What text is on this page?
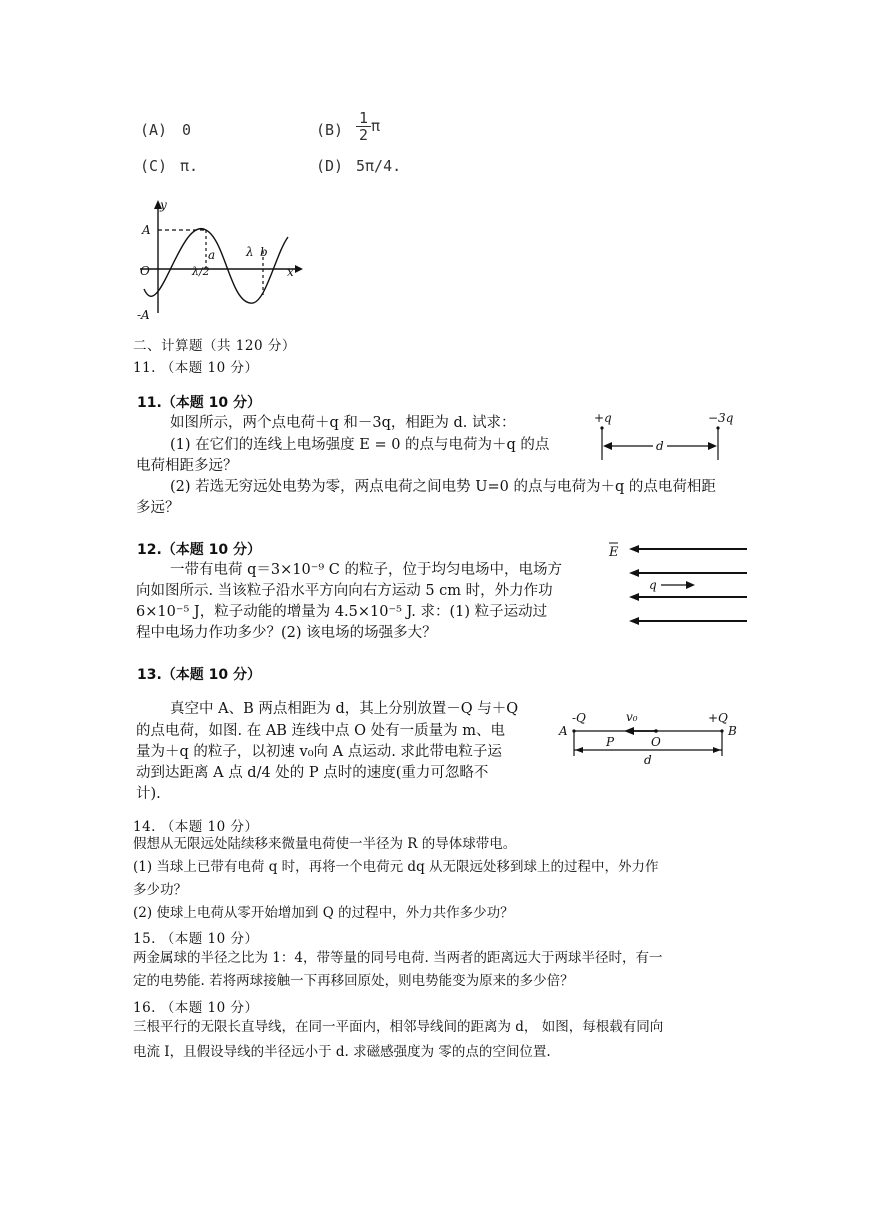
(A) 0	$(B) \frac{1}{2}$ π
(C) π.	(D) 5π/4.
y
A
-A
O	x
a
λ/2
λ b
二、计算题（共 120 分）
11. （本题 10 分）
11.（本题 10 分）
如图所示，两个点电荷＋q 和－3q，相距为 d. 试求：
(1) 在它们的连线上电场强度 E = 0 的点与电荷为＋q 的点
电荷相距多远？
(2) 若选无穷远处电势为零，两点电荷之间电势 U=0 的点与电荷为＋q 的点电荷相距
多远？
+q	−3q
d
12.（本题 10 分）
一带有电荷 q＝3×10⁻⁹ C 的粒子，位于均匀电场中，电场方
向如图所示. 当该粒子沿水平方向向右方运动 5 cm 时，外力作功
6×10⁻⁵ J，粒子动能的增量为 4.5×10⁻⁵ J. 求：(1) 粒子运动过
程中电场力作功多少？(2) 该电场的场强多大？
E
q
13.（本题 10 分）
真空中 A、B 两点相距为 d，其上分别放置－Q 与＋Q
的点电荷，如图. 在 AB 连线中点 O 处有一质量为 m、电
量为＋q 的粒子，以初速 v₀向 A 点运动. 求此带电粒子运
动到达距离 A 点 d/4 处的 P 点时的速度(重力可忽略不
计).
-Q	v₀	+Q
A	B
P	O
d
14. （本题 10 分）
假想从无限远处陆续移来微量电荷使一半径为 R 的导体球带电。
(1) 当球上已带有电荷 q 时，再将一个电荷元 dq 从无限远处移到球上的过程中，外力作
多少功？
(2) 使球上电荷从零开始增加到 Q 的过程中，外力共作多少功？
15. （本题 10 分）
两金属球的半径之比为 1：4，带等量的同号电荷. 当两者的距离远大于两球半径时，有一
定的电势能. 若将两球接触一下再移回原处，则电势能变为原来的多少倍？
16. （本题 10 分）
三根平行的无限长直导线，在同一平面内，相邻导线间的距离为 d， 如图，每根载有同向
电流 I，且假设导线的半径远小于 d. 求磁感强度为 零的点的空间位置.
